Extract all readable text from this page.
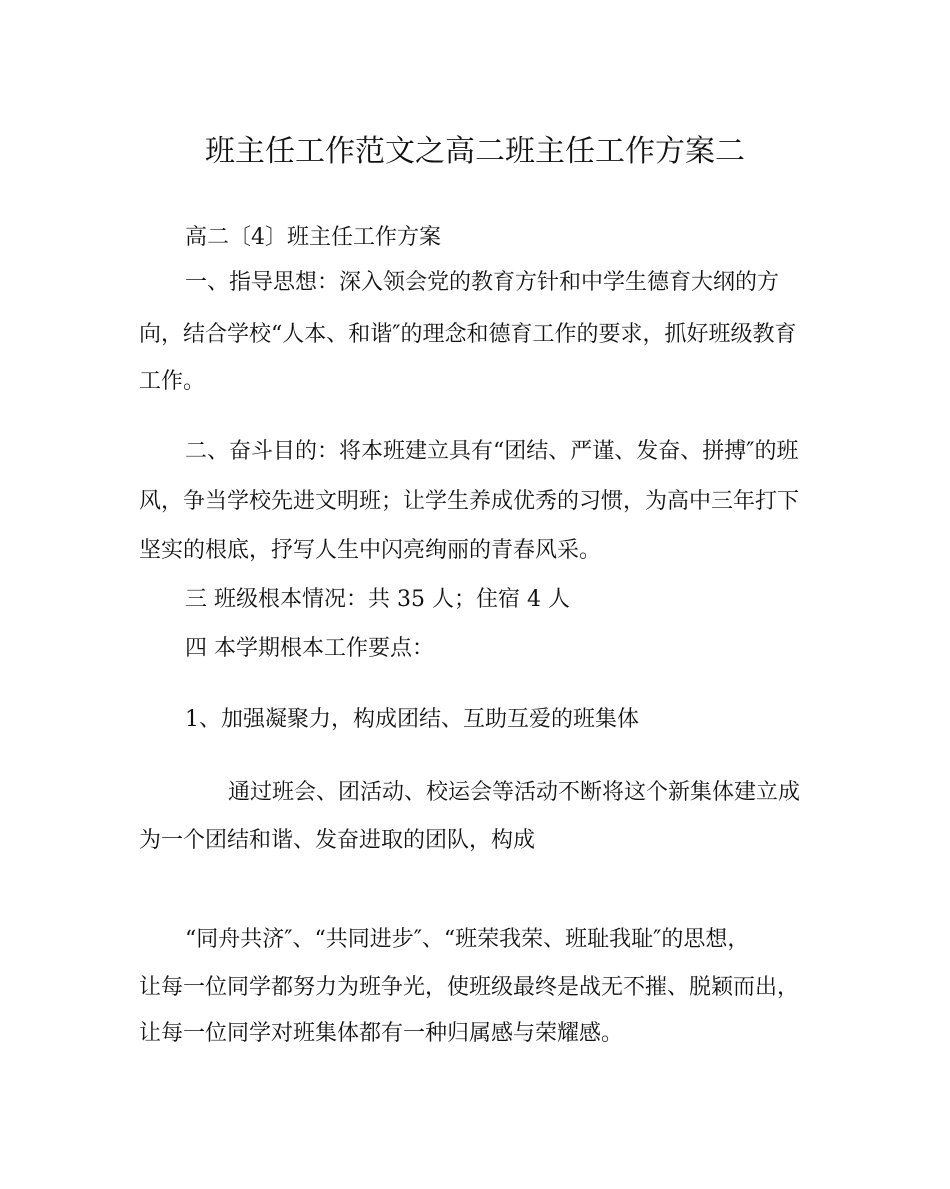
班主任工作范文之高二班主任工作方案二
高二〔4〕班主任工作方案
一、指导思想：深入领会党的教育方针和中学生德育大纲的方
向，结合学校“人本、和谐″的理念和德育工作的要求，抓好班级教育
工作。
二、奋斗目的：将本班建立具有“团结、严谨、发奋、拼搏″的班
风，争当学校先进文明班；让学生养成优秀的习惯，为高中三年打下
坚实的根底，抒写人生中闪亮绚丽的青春风采。
三 班级根本情况：共 35 人；住宿 4 人
四 本学期根本工作要点：
1、加强凝聚力，构成团结、互助互爱的班集体
通过班会、团活动、校运会等活动不断将这个新集体建立成
为一个团结和谐、发奋进取的团队，构成
“同舟共济″、“共同进步″、“班荣我荣、班耻我耻″的思想，
让每一位同学都努力为班争光，使班级最终是战无不摧、脱颖而出，
让每一位同学对班集体都有一种归属感与荣耀感。
